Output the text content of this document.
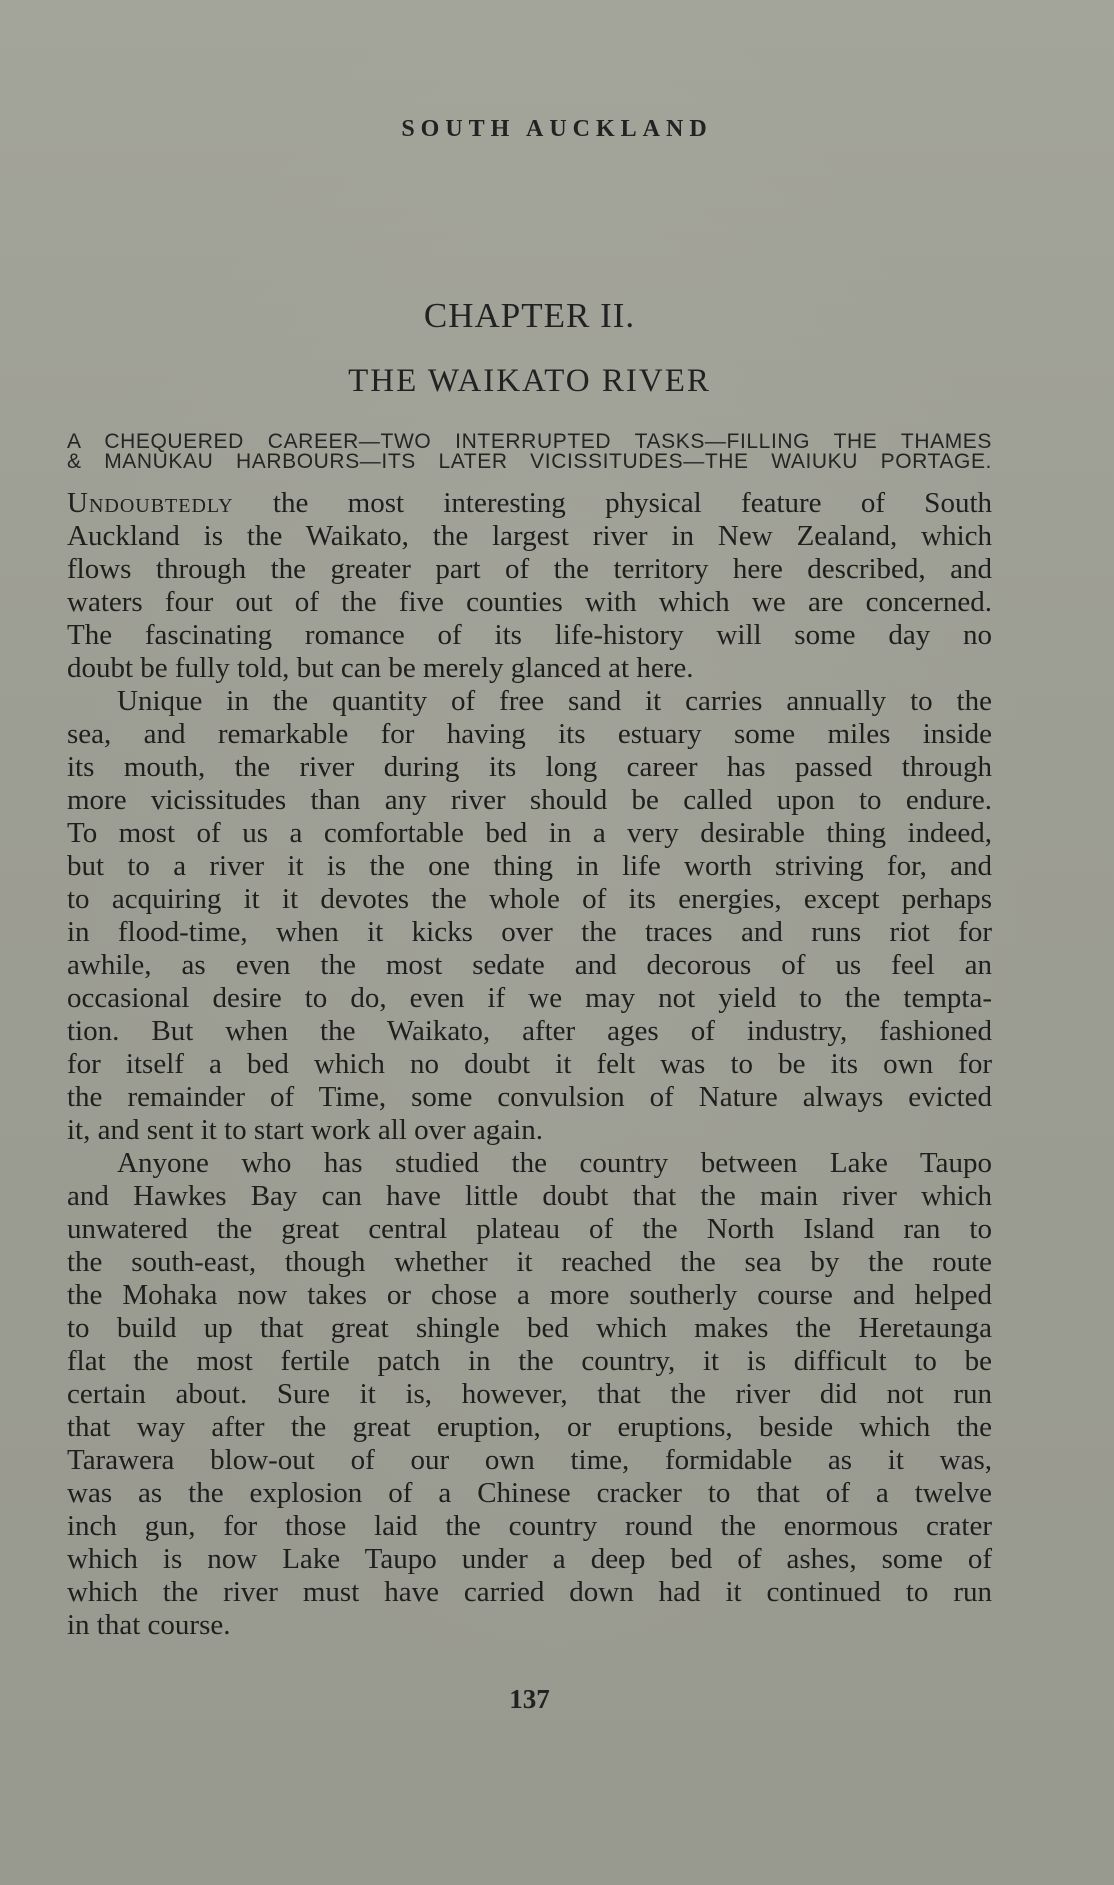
SOUTH AUCKLAND
CHAPTER II.
THE WAIKATO RIVER
A CHEQUERED CAREER—TWO INTERRUPTED TASKS—FILLING THE THAMES
& MANUKAU HARBOURS—ITS LATER VICISSITUDES—THE WAIUKU PORTAGE.
Undoubtedly the most interesting physical feature of South
Auckland is the Waikato, the largest river in New Zealand, which
flows through the greater part of the territory here described, and
waters four out of the five counties with which we are concerned.
The fascinating romance of its life-history will some day no
doubt be fully told, but can be merely glanced at here.
Unique in the quantity of free sand it carries annually to the
sea, and remarkable for having its estuary some miles inside
its mouth, the river during its long career has passed through
more vicissitudes than any river should be called upon to endure.
To most of us a comfortable bed in a very desirable thing indeed,
but to a river it is the one thing in life worth striving for, and
to acquiring it it devotes the whole of its energies, except perhaps
in flood-time, when it kicks over the traces and runs riot for
awhile, as even the most sedate and decorous of us feel an
occasional desire to do, even if we may not yield to the tempta-
tion. But when the Waikato, after ages of industry, fashioned
for itself a bed which no doubt it felt was to be its own for
the remainder of Time, some convulsion of Nature always evicted
it, and sent it to start work all over again.
Anyone who has studied the country between Lake Taupo
and Hawkes Bay can have little doubt that the main river which
unwatered the great central plateau of the North Island ran to
the south-east, though whether it reached the sea by the route
the Mohaka now takes or chose a more southerly course and helped
to build up that great shingle bed which makes the Heretaunga
flat the most fertile patch in the country, it is difficult to be
certain about. Sure it is, however, that the river did not run
that way after the great eruption, or eruptions, beside which the
Tarawera blow-out of our own time, formidable as it was,
was as the explosion of a Chinese cracker to that of a twelve
inch gun, for those laid the country round the enormous crater
which is now Lake Taupo under a deep bed of ashes, some of
which the river must have carried down had it continued to run
in that course.
137
